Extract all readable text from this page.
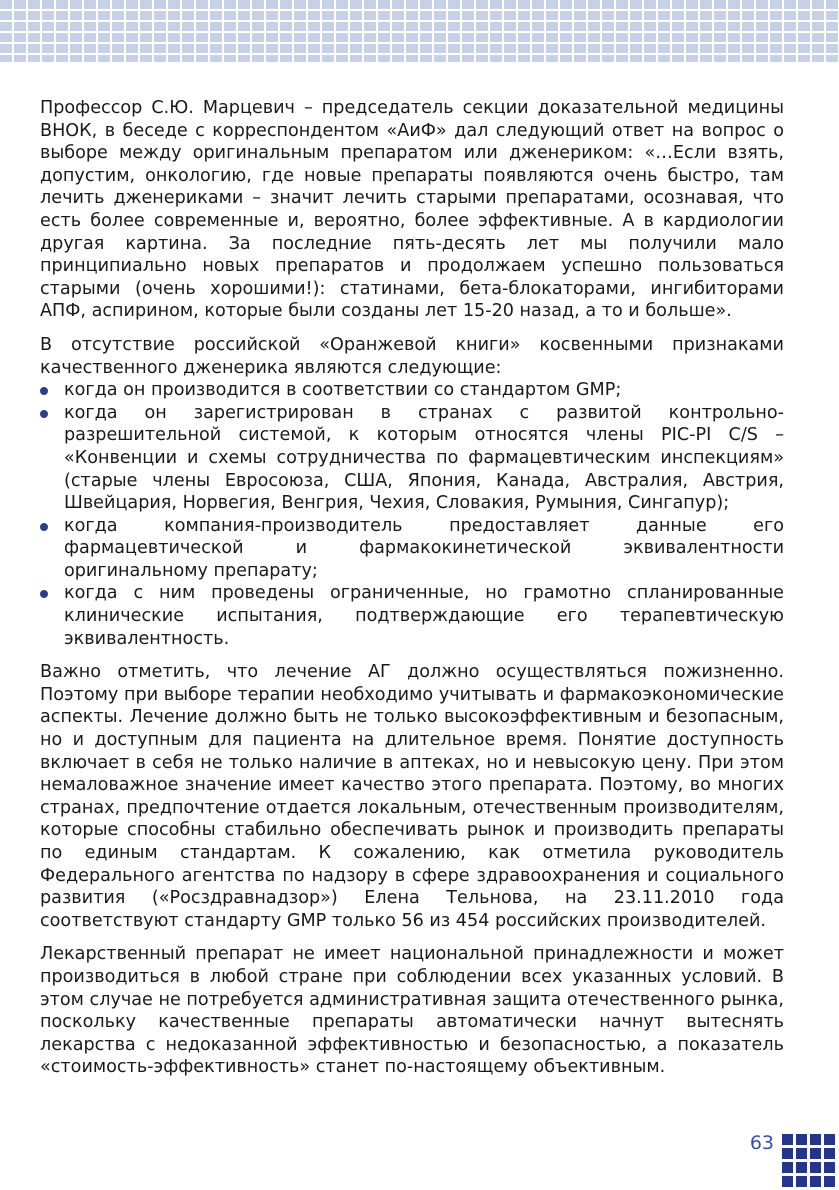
Профессор С.Ю. Марцевич – председатель секции доказательной медицины ВНОК, в беседе с корреспондентом «АиФ» дал следующий ответ на вопрос о выборе между оригинальным препаратом или дженериком: «…Если взять, допустим, онкологию, где новые препараты появляются очень быстро, там лечить дженериками – значит лечить старыми препаратами, осознавая, что есть более современные и, вероятно, более эффективные. А в кардиологии другая картина. За последние пять-десять лет мы получили мало принципиально новых препаратов и продолжаем успешно пользоваться старыми (очень хорошими!): статинами, бета-блокаторами, ингибиторами АПФ, аспирином, которые были созданы лет 15-20 назад, а то и больше».

В отсутствие российской «Оранжевой книги» косвенными признаками качественного дженерика являются следующие:

когда он производится в соответствии со стандартом GMP;
когда он зарегистрирован в странах с развитой контрольно-разрешительной системой, к которым относятся члены PIC-PI C/S – «Конвенции и схемы сотрудничества по фармацевтическим инспекциям» (старые члены Евросоюза, США, Япония, Канада, Австралия, Австрия, Швейцария, Норвегия, Венгрия, Чехия, Словакия, Румыния, Сингапур);
когда компания-производитель предоставляет данные его фармацевтической и фармакокинетической эквивалентности оригинальному препарату;
когда с ним проведены ограниченные, но грамотно спланированные клинические испытания, подтверждающие его терапевтическую эквивалентность.

Важно отметить, что лечение АГ должно осуществляться пожизненно. Поэтому при выборе терапии необходимо учитывать и фармакоэкономические аспекты. Лечение должно быть не только высокоэффективным и безопасным, но и доступным для пациента на длительное время. Понятие доступность включает в себя не только наличие в аптеках, но и невысокую цену. При этом немаловажное значение имеет качество этого препарата. Поэтому, во многих странах, предпочтение отдается локальным, отечественным производителям, которые способны стабильно обеспечивать рынок и производить препараты по единым стандартам. К сожалению, как отметила руководитель Федерального агентства по надзору в сфере здравоохранения и социального развития («Росздравнадзор») Елена Тельнова, на 23.11.2010 года соответствуют стандарту GMP только 56 из 454 российских производителей.

Лекарственный препарат не имеет национальной принадлежности и может производиться в любой стране при соблюдении всех указанных условий. В этом случае не потребуется административная защита отечественного рынка, поскольку качественные препараты автоматически начнут вытеснять лекарства с недоказанной эффективностью и безопасностью, а показатель «стоимость-эффективность» станет по-настоящему объективным.

63
